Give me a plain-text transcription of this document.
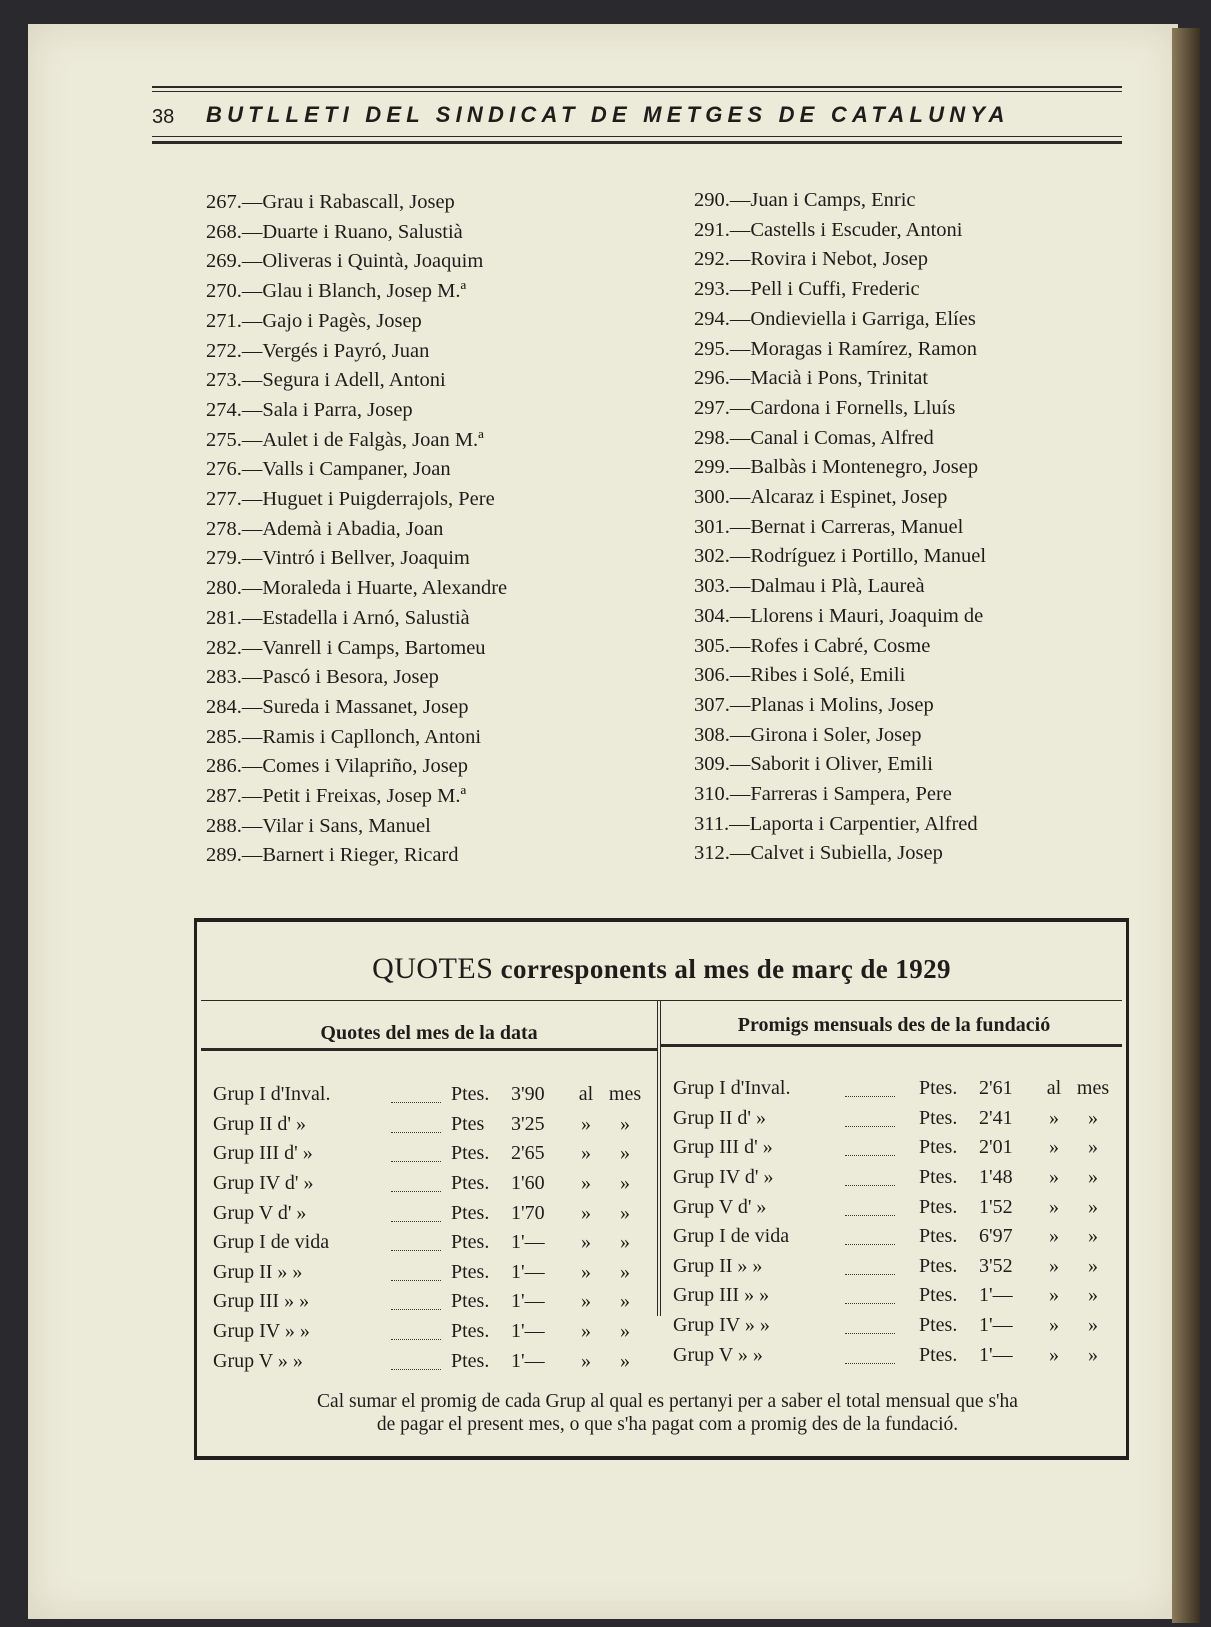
38 BUTLLETI DEL SINDICAT DE METGES DE CATALUNYA
267.—Grau i Rabascall, Josep
268.—Duarte i Ruano, Salustià
269.—Oliveras i Quintà, Joaquim
270.—Glau i Blanch, Josep M.ª
271.—Gajo i Pagès, Josep
272.—Vergés i Payró, Juan
273.—Segura i Adell, Antoni
274.—Sala i Parra, Josep
275.—Aulet i de Falgàs, Joan M.ª
276.—Valls i Campaner, Joan
277.—Huguet i Puigderrajols, Pere
278.—Ademà i Abadia, Joan
279.—Vintró i Bellver, Joaquim
280.—Moraleda i Huarte, Alexandre
281.—Estadella i Arnó, Salustià
282.—Vanrell i Camps, Bartomeu
283.—Pascó i Besora, Josep
284.—Sureda i Massanet, Josep
285.—Ramis i Capllonch, Antoni
286.—Comes i Vilapriño, Josep
287.—Petit i Freixas, Josep M.ª
288.—Vilar i Sans, Manuel
289.—Barnert i Rieger, Ricard
290.—Juan i Camps, Enric
291.—Castells i Escuder, Antoni
292.—Rovira i Nebot, Josep
293.—Pell i Cuffi, Frederic
294.—Ondieviella i Garriga, Elíes
295.—Moragas i Ramírez, Ramon
296.—Macià i Pons, Trinitat
297.—Cardona i Fornells, Lluís
298.—Canal i Comas, Alfred
299.—Balbàs i Montenegro, Josep
300.—Alcaraz i Espinet, Josep
301.—Bernat i Carreras, Manuel
302.—Rodríguez i Portillo, Manuel
303.—Dalmau i Plà, Laureà
304.—Llorens i Mauri, Joaquim de
305.—Rofes i Cabré, Cosme
306.—Ribes i Solé, Emili
307.—Planas i Molins, Josep
308.—Girona i Soler, Josep
309.—Saborit i Oliver, Emili
310.—Farreras i Sampera, Pere
311.—Laporta i Carpentier, Alfred
312.—Calvet i Subiella, Josep
QUOTES corresponents al mes de març de 1929
Quotes del mes de la data	Promigs mensuals des de la fundació
Grup I d'Inval.		Ptes.	3'90	al	mes
Grup II d' »		Ptes	3'25	»	»
Grup III d' »		Ptes.	2'65	»	»
Grup IV d' »		Ptes.	1'60	»	»
Grup V d' »		Ptes.	1'70	»	»
Grup I de vida		Ptes.	1'—	»	»
Grup II » »		Ptes.	1'—	»	»
Grup III » »		Ptes.	1'—	»	»
Grup IV » »		Ptes.	1'—	»	»
Grup V » »		Ptes.	1'—	»	»
Grup I d'Inval.		Ptes.	2'61	al	mes
Grup II d' »		Ptes.	2'41	»	»
Grup III d' »		Ptes.	2'01	»	»
Grup IV d' »		Ptes.	1'48	»	»
Grup V d' »		Ptes.	1'52	»	»
Grup I de vida		Ptes.	6'97	»	»
Grup II » »		Ptes.	3'52	»	»
Grup III » »		Ptes.	1'—	»	»
Grup IV » »		Ptes.	1'—	»	»
Grup V » »		Ptes.	1'—	»	»
Cal sumar el promig de cada Grup al qual es pertanyi per a saber el total mensual que s'ha
de pagar el present mes, o que s'ha pagat com a promig des de la fundació.
